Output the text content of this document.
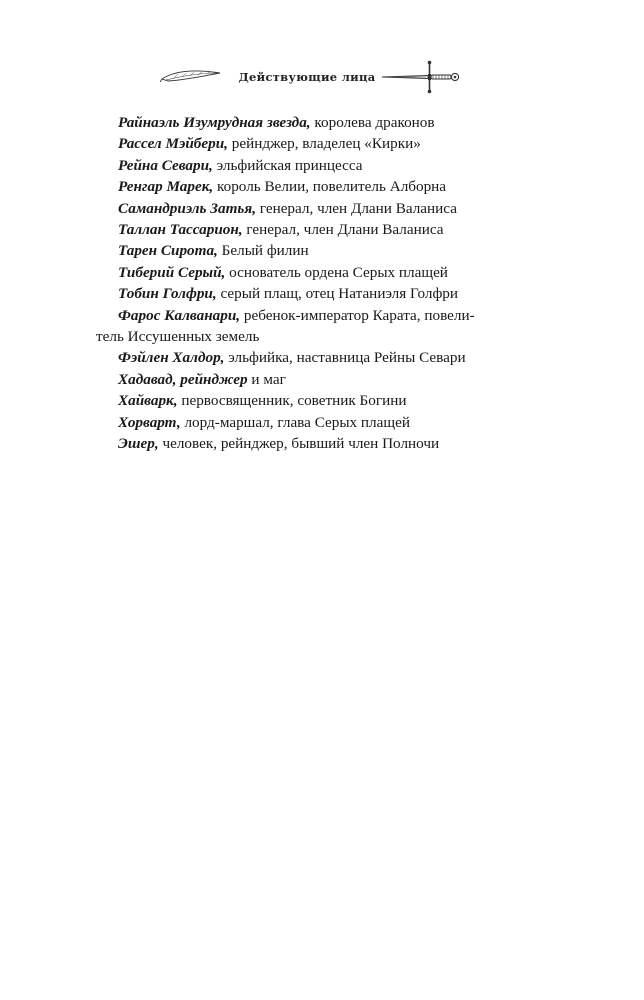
Действующие лица

Райнаэль Изумрудная звезда, королева драконов

Рассел Мэйбери, рейнджер, владелец «Кирки»

Рейна Севари, эльфийская принцесса

Ренгар Марек, король Велии, повелитель Алборна

Самандриэль Затья, генерал, член Длани Валаниса

Таллан Тассарион, генерал, член Длани Валаниса

Тарен Сирота, Белый филин

Тиберий Серый, основатель ордена Серых плащей

Тобин Голфри, серый плащ, отец Натаниэля Голфри

Фарос Калванари, ребенок-император Карата, повели-
тель Иссушенных земель

Фэйлен Халдор, эльфийка, наставница Рейны Севари

Хадавад, рейнджер и маг

Хайварк, первосвященник, советник Богини

Хорварт, лорд-маршал, глава Серых плащей

Эшер, человек, рейнджер, бывший член Полночи
